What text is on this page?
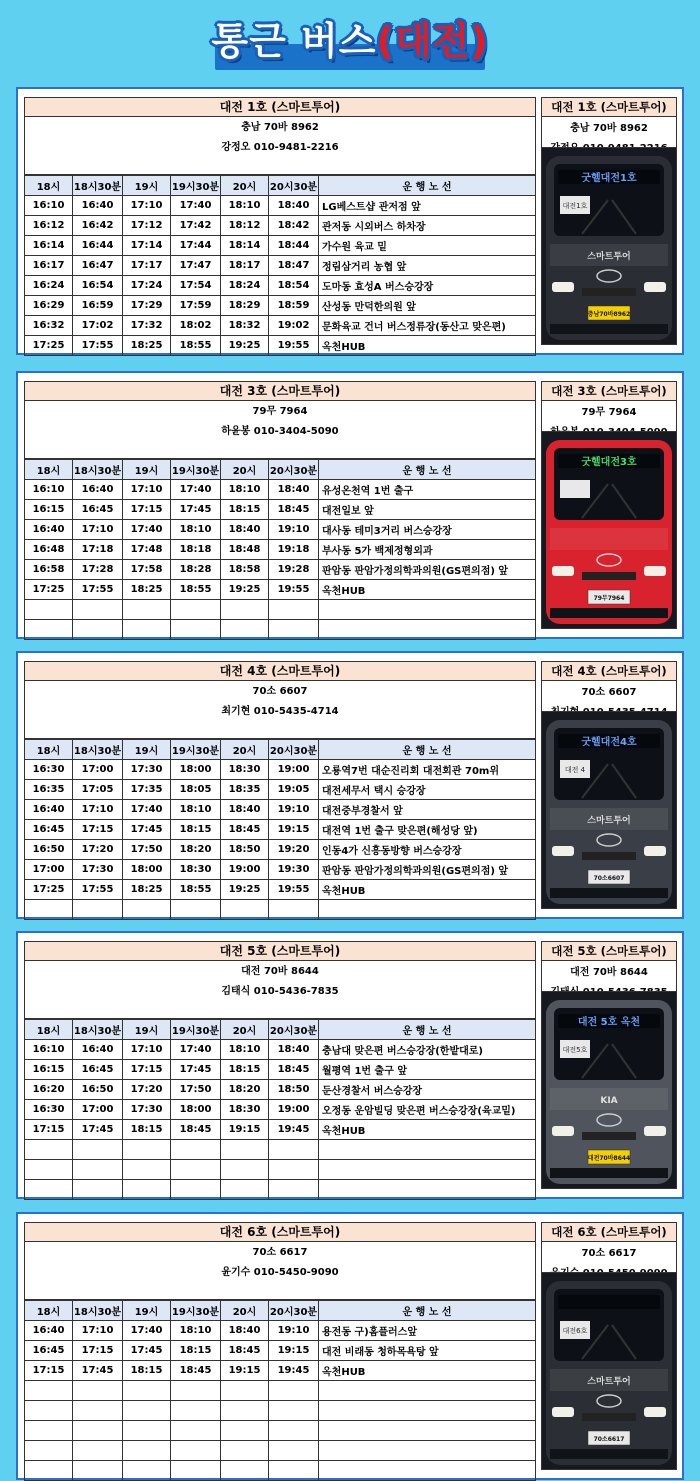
통근 버스(대전)
대전 1호 (스마트투어)
충남 70바 8962
강정오 010-9481-2216
18시	18시30분	19시	19시30분	20시	20시30분	운 행 노 선
16:10	16:40	17:10	17:40	18:10	18:40	LG베스트샵 관저점 앞
16:12	16:42	17:12	17:42	18:12	18:42	관저동 시외버스 하차장
16:14	16:44	17:14	17:44	18:14	18:44	가수원 육교 밑
16:17	16:47	17:17	17:47	18:17	18:47	정림삼거리 농협 앞
16:24	16:54	17:24	17:54	18:24	18:54	도마동 효성A 버스승강장
16:29	16:59	17:29	17:59	18:29	18:59	산성동 만덕한의원 앞
16:32	17:02	17:32	18:02	18:32	19:02	문화육교 건너 버스정류장(동산고 맞은편)
17:25	17:55	18:25	18:55	19:25	19:55	옥천HUB
대전 1호 (스마트투어)
충남 70바 8962
굿헬대전1호
대전1호
스마트투어
충남70바8962
대전 3호 (스마트투어)
79무 7964
하윤봉 010-3404-5090
18시	18시30분	19시	19시30분	20시	20시30분	운 행 노 선
16:10	16:40	17:10	17:40	18:10	18:40	유성온천역 1번 출구
16:15	16:45	17:15	17:45	18:15	18:45	대전일보 앞
16:40	17:10	17:40	18:10	18:40	19:10	대사동 테미3거리 버스승강장
16:48	17:18	17:48	18:18	18:48	19:18	부사동 5가 백제정형외과
16:58	17:28	17:58	18:28	18:58	19:28	판암동 판암가정의학과의원(GS편의점) 앞
17:25	17:55	18:25	18:55	19:25	19:55	옥천HUB

대전 3호 (스마트투어)
79무 7964
굿헬대전3호
79무7964
대전 4호 (스마트투어)
70소 6607
최기현 010-5435-4714
18시	18시30분	19시	19시30분	20시	20시30분	운 행 노 선
16:30	17:00	17:30	18:00	18:30	19:00	오룡역7번 대순진리회 대전회관 70m위
16:35	17:05	17:35	18:05	18:35	19:05	대전세무서 택시 승강장
16:40	17:10	17:40	18:10	18:40	19:10	대전중부경찰서 앞
16:45	17:15	17:45	18:15	18:45	19:15	대전역 1번 출구 맞은편(해성당 앞)
16:50	17:20	17:50	18:20	18:50	19:20	인동4가 신흥동방향 버스승강장
17:00	17:30	18:00	18:30	19:00	19:30	판암동 판암가정의학과의원(GS편의점) 앞
17:25	17:55	18:25	18:55	19:25	19:55	옥천HUB

대전 4호 (스마트투어)
70소 6607
굿헬대전4호
대전 4
스마트투어
70소6607
대전 5호 (스마트투어)
대전 70바 8644
김태식 010-5436-7835
18시	18시30분	19시	19시30분	20시	20시30분	운 행 노 선
16:10	16:40	17:10	17:40	18:10	18:40	충남대 맞은편 버스승강장(한밭대로)
16:15	16:45	17:15	17:45	18:15	18:45	월평역 1번 출구 앞
16:20	16:50	17:20	17:50	18:20	18:50	둔산경찰서 버스승강장
16:30	17:00	17:30	18:00	18:30	19:00	오정동 운암빌딩 맞은편 버스승강장(육교밑)
17:15	17:45	18:15	18:45	19:15	19:45	옥천HUB

대전 5호 (스마트투어)
대전 70바 8644
대전 5호 옥천
대전5호
KIA
대전70바8644
대전 6호 (스마트투어)
70소 6617
윤기수 010-5450-9090
18시	18시30분	19시	19시30분	20시	20시30분	운 행 노 선
16:40	17:10	17:40	18:10	18:40	19:10	용전동 구)홈플러스앞
16:45	17:15	17:45	18:15	18:45	19:15	대전 비래동 청하목욕탕 앞
17:15	17:45	18:15	18:45	19:15	19:45	옥천HUB

대전 6호 (스마트투어)
70소 6617
대전6호
스마트투어
70소6617
